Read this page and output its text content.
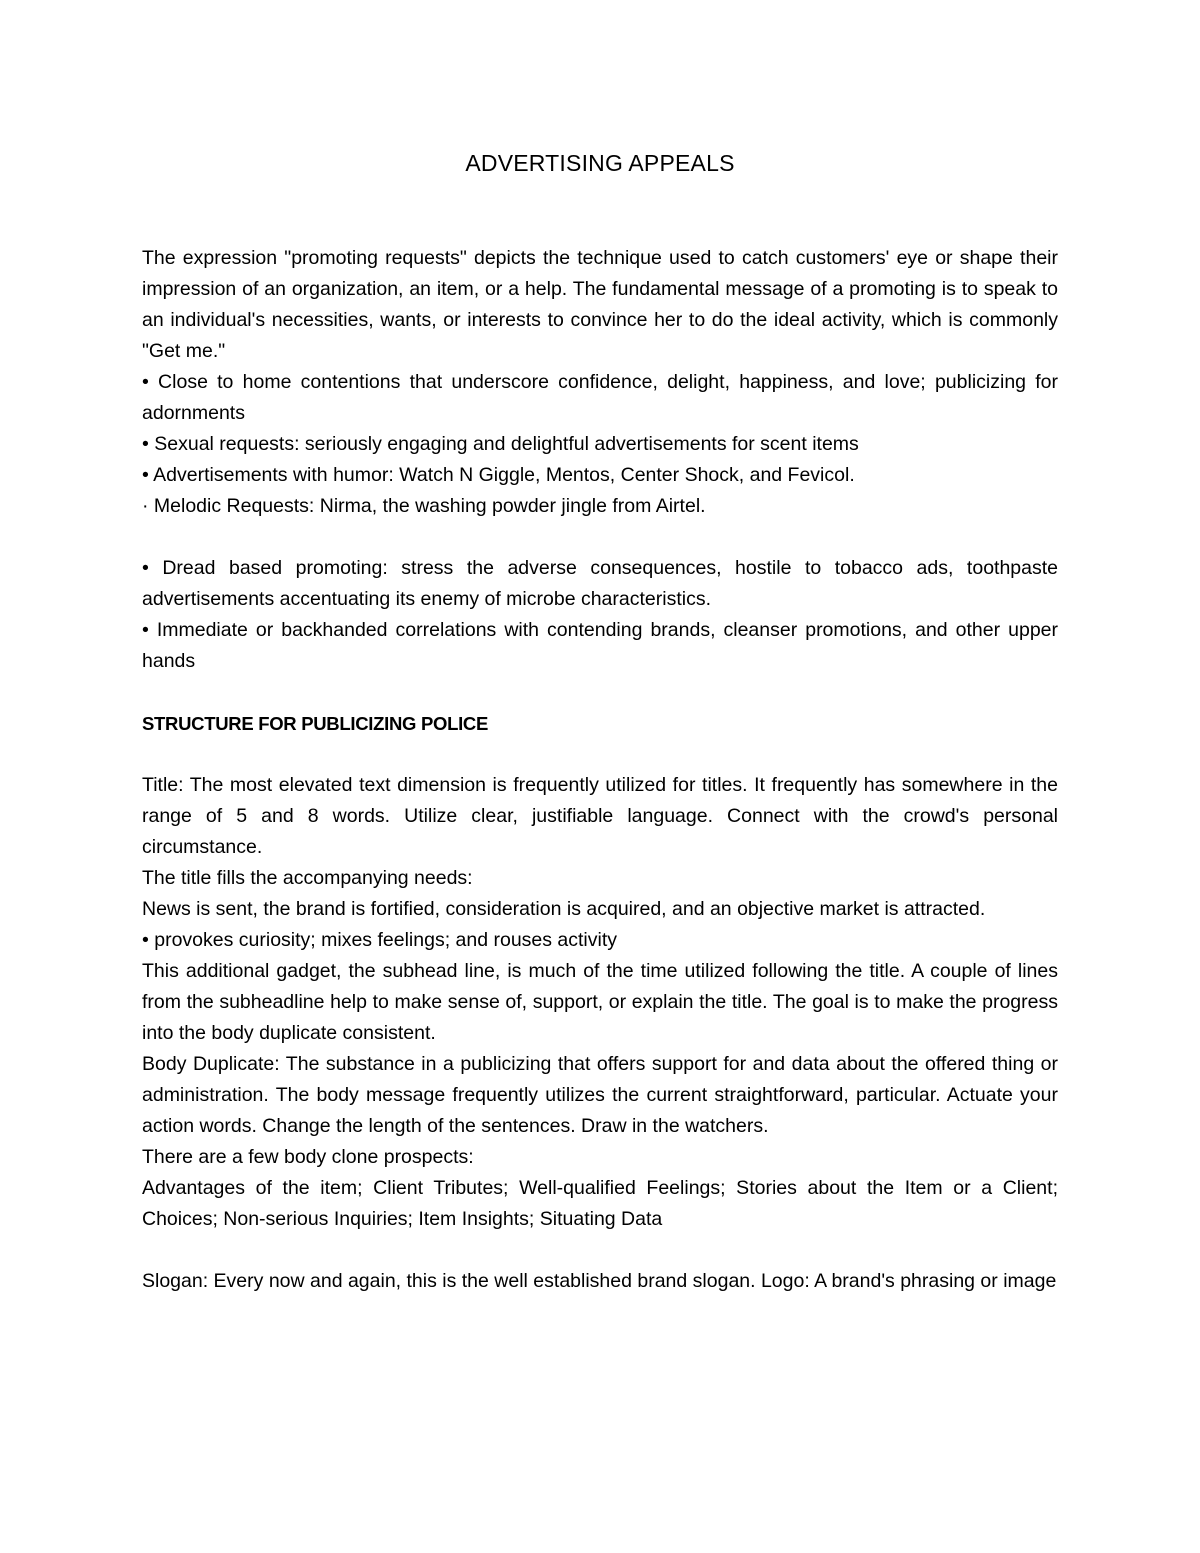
ADVERTISING APPEALS

The expression "promoting requests" depicts the technique used to catch customers' eye or shape their impression of an organization, an item, or a help. The fundamental message of a promoting is to speak to an individual's necessities, wants, or interests to convince her to do the ideal activity, which is commonly "Get me."

• Close to home contentions that underscore confidence, delight, happiness, and love; publicizing for adornments

• Sexual requests: seriously engaging and delightful advertisements for scent items

• Advertisements with humor: Watch N Giggle, Mentos, Center Shock, and Fevicol.

· Melodic Requests: Nirma, the washing powder jingle from Airtel.

• Dread based promoting: stress the adverse consequences, hostile to tobacco ads, toothpaste advertisements accentuating its enemy of microbe characteristics.

• Immediate or backhanded correlations with contending brands, cleanser promotions, and other upper hands

STRUCTURE FOR PUBLICIZING POLICE

Title: The most elevated text dimension is frequently utilized for titles. It frequently has somewhere in the range of 5 and 8 words. Utilize clear, justifiable language. Connect with the crowd's personal circumstance.

The title fills the accompanying needs:

News is sent, the brand is fortified, consideration is acquired, and an objective market is attracted.

• provokes curiosity; mixes feelings; and rouses activity

This additional gadget, the subhead line, is much of the time utilized following the title. A couple of lines from the subheadline help to make sense of, support, or explain the title. The goal is to make the progress into the body duplicate consistent.

Body Duplicate: The substance in a publicizing that offers support for and data about the offered thing or administration. The body message frequently utilizes the current straightforward, particular. Actuate your action words. Change the length of the sentences. Draw in the watchers.

There are a few body clone prospects:

Advantages of the item; Client Tributes; Well-qualified Feelings; Stories about the Item or a Client; Choices; Non-serious Inquiries; Item Insights; Situating Data

Slogan: Every now and again, this is the well established brand slogan. Logo: A brand's phrasing or image
